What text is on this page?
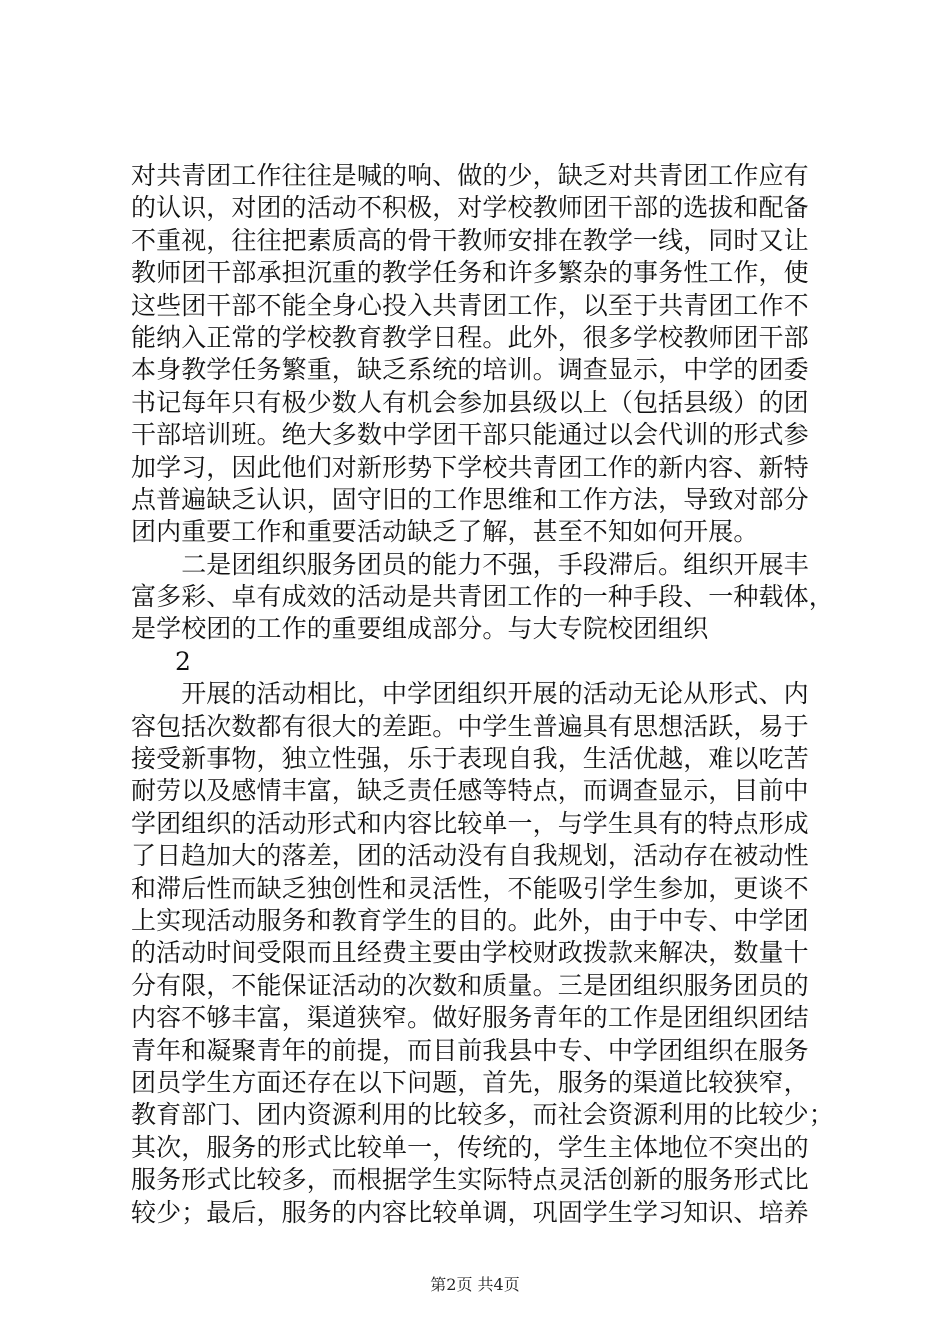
对共青团工作往往是喊的响、做的少，缺乏对共青团工作应有
的认识，对团的活动不积极，对学校教师团干部的选拔和配备
不重视，往往把素质高的骨干教师安排在教学一线，同时又让
教师团干部承担沉重的教学任务和许多繁杂的事务性工作，使
这些团干部不能全身心投入共青团工作，以至于共青团工作不
能纳入正常的学校教育教学日程。此外，很多学校教师团干部
本身教学任务繁重，缺乏系统的培训。调查显示，中学的团委
书记每年只有极少数人有机会参加县级以上（包括县级）的团
干部培训班。绝大多数中学团干部只能通过以会代训的形式参
加学习，因此他们对新形势下学校共青团工作的新内容、新特
点普遍缺乏认识，固守旧的工作思维和工作方法，导致对部分
团内重要工作和重要活动缺乏了解，甚至不知如何开展。
　　二是团组织服务团员的能力不强，手段滞后。组织开展丰
富多彩、卓有成效的活动是共青团工作的一种手段、一种载体，
是学校团的工作的重要组成部分。与大专院校团组织
2
　　开展的活动相比，中学团组织开展的活动无论从形式、内
容包括次数都有很大的差距。中学生普遍具有思想活跃，易于
接受新事物，独立性强，乐于表现自我，生活优越，难以吃苦
耐劳以及感情丰富，缺乏责任感等特点，而调查显示，目前中
学团组织的活动形式和内容比较单一，与学生具有的特点形成
了日趋加大的落差，团的活动没有自我规划，活动存在被动性
和滞后性而缺乏独创性和灵活性，不能吸引学生参加，更谈不
上实现活动服务和教育学生的目的。此外，由于中专、中学团
的活动时间受限而且经费主要由学校财政拨款来解决，数量十
分有限，不能保证活动的次数和质量。三是团组织服务团员的
内容不够丰富，渠道狭窄。做好服务青年的工作是团组织团结
青年和凝聚青年的前提，而目前我县中专、中学团组织在服务
团员学生方面还存在以下问题，首先，服务的渠道比较狭窄，
教育部门、团内资源利用的比较多，而社会资源利用的比较少；
其次，服务的形式比较单一，传统的，学生主体地位不突出的
服务形式比较多，而根据学生实际特点灵活创新的服务形式比
较少；最后，服务的内容比较单调，巩固学生学习知识、培养
第2页 共4页
